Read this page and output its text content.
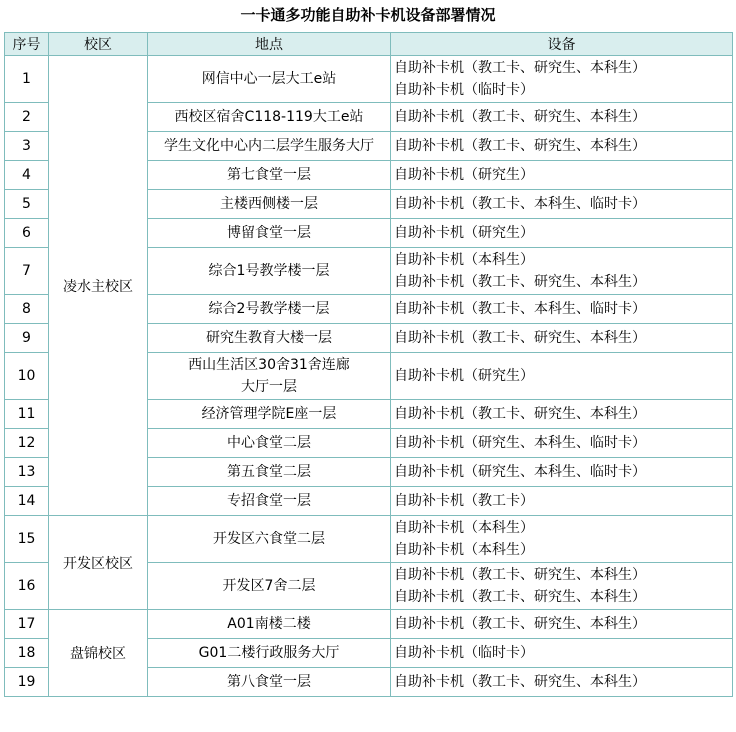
一卡通多功能自助补卡机设备部署情况
序号	校区	地点	设备
1	凌水主校区	网信中心一层大工e站	自助补卡机（教工卡、研究生、本科生）
自助补卡机（临时卡）

2		西校区宿舍C118-119大工e站	自助补卡机（教工卡、研究生、本科生）

3		学生文化中心内二层学生服务大厅	自助补卡机（教工卡、研究生、本科生）

4		第七食堂一层	自助补卡机（研究生）

5		主楼西侧楼一层	自助补卡机（教工卡、本科生、临时卡）

6		博留食堂一层	自助补卡机（研究生）

7		综合1号教学楼一层	自助补卡机（本科生）
自助补卡机（教工卡、研究生、本科生）

8		综合2号教学楼一层	自助补卡机（教工卡、本科生、临时卡）

9		研究生教育大楼一层	自助补卡机（教工卡、研究生、本科生）

10		西山生活区30舍31舍连廊大厅一层	自助补卡机（研究生）

11		经济管理学院E座一层	自助补卡机（教工卡、研究生、本科生）

12		中心食堂二层	自助补卡机（研究生、本科生、临时卡）

13		第五食堂二层	自助补卡机（研究生、本科生、临时卡）

14		专招食堂一层	自助补卡机（教工卡）

15	开发区校区	开发区六食堂二层	自助补卡机（本科生）
自助补卡机（本科生）

16		开发区7舍二层	自助补卡机（教工卡、研究生、本科生）
自助补卡机（教工卡、研究生、本科生）

17	盘锦校区	A01南楼二楼	自助补卡机（教工卡、研究生、本科生）

18		G01二楼行政服务大厅	自助补卡机（临时卡）

19		第八食堂一层	自助补卡机（教工卡、研究生、本科生）
